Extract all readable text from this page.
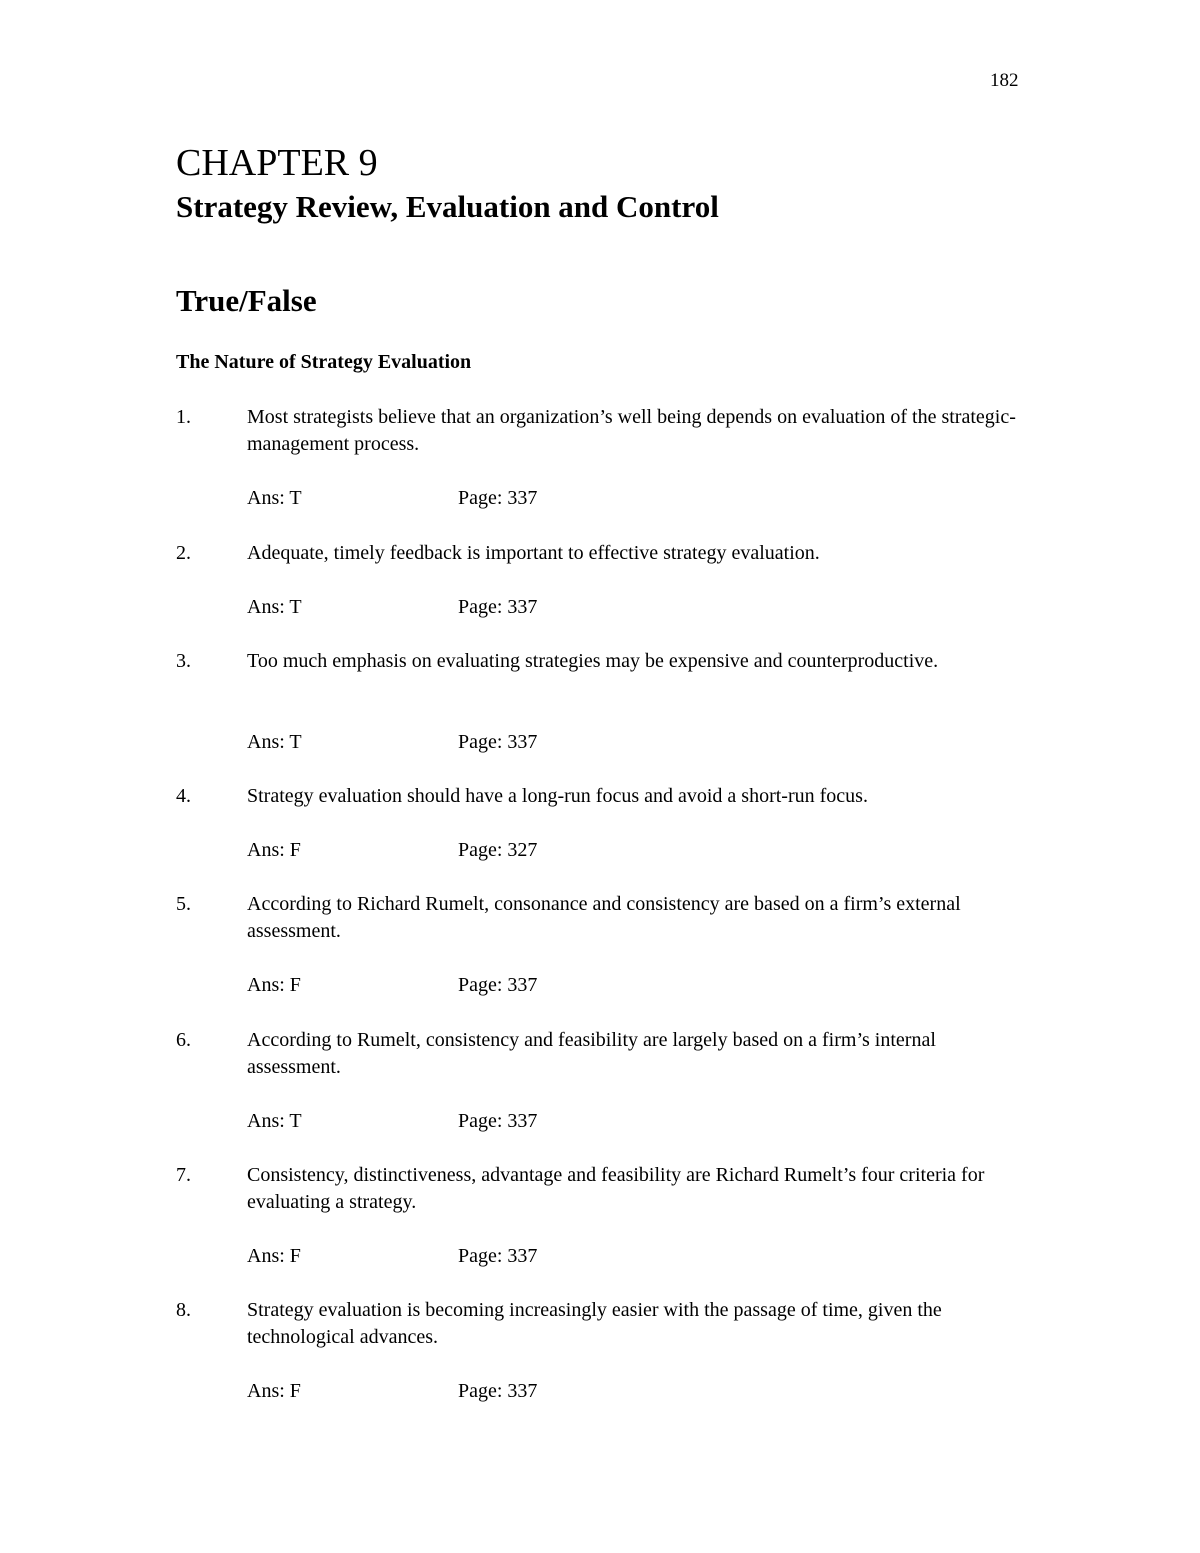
182
CHAPTER 9
Strategy Review, Evaluation and Control
True/False
The Nature of Strategy Evaluation
1.	Most strategists believe that an organization’s well being depends on evaluation of the strategic-management process.
Ans: T	Page: 337
2.	Adequate, timely feedback is important to effective strategy evaluation.
Ans: T	Page: 337
3.	Too much emphasis on evaluating strategies may be expensive and counterproductive.
Ans: T	Page: 337
4.	Strategy evaluation should have a long-run focus and avoid a short-run focus.
Ans: F	Page: 327
5.	According to Richard Rumelt, consonance and consistency are based on a firm’s external assessment.
Ans: F	Page: 337
6.	According to Rumelt, consistency and feasibility are largely based on a firm’s internal assessment.
Ans: T	Page: 337
7.	Consistency, distinctiveness, advantage and feasibility are Richard Rumelt’s four criteria for evaluating a strategy.
Ans: F	Page: 337
8.	Strategy evaluation is becoming increasingly easier with the passage of time, given the technological advances.
Ans: F	Page: 337
